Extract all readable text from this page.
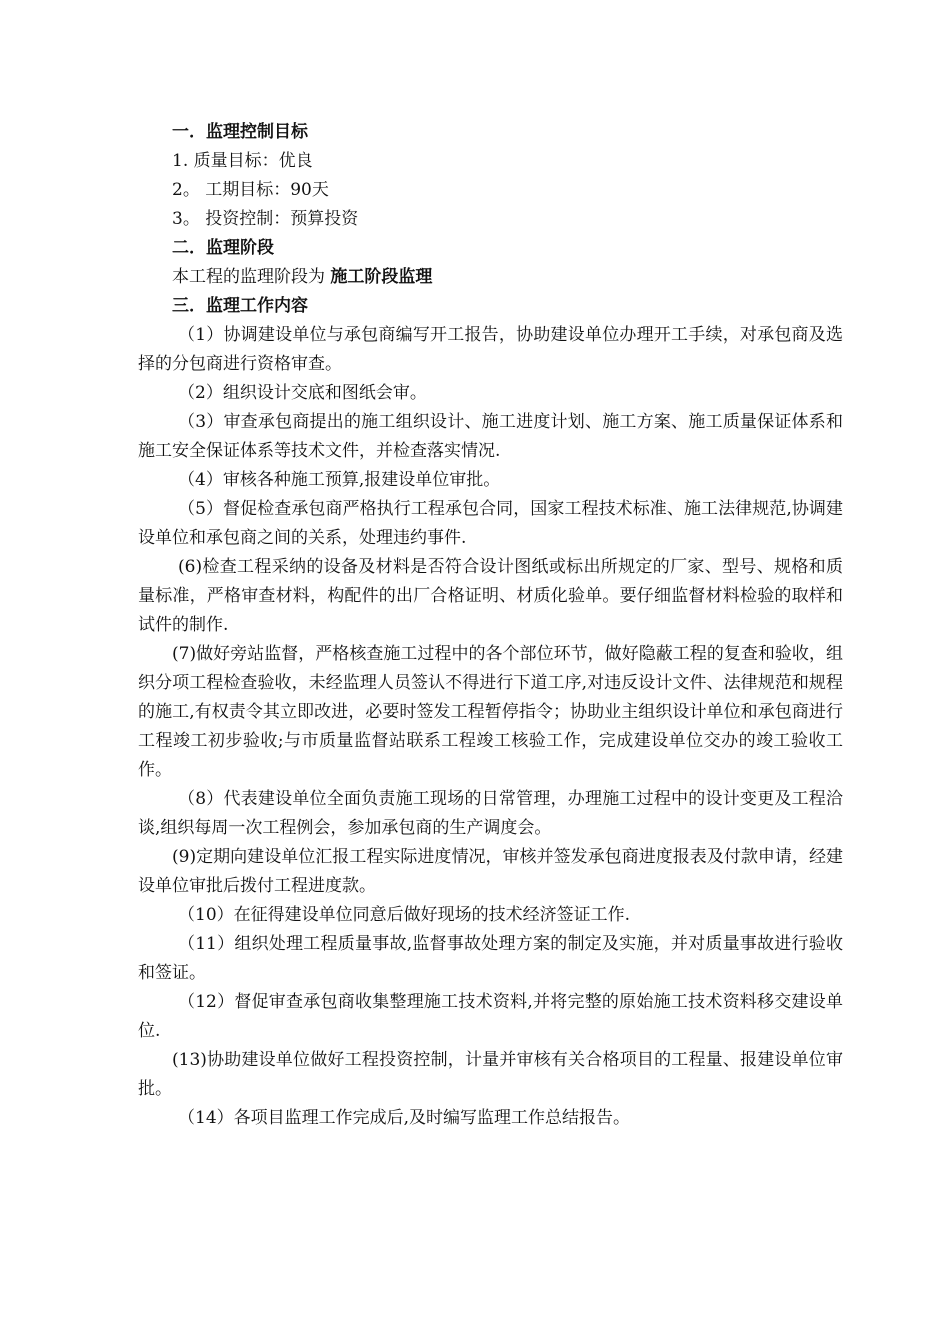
一．监理控制目标
1. 质量目标：优良
2。 工期目标：90天
3。 投资控制：预算投资
二．监理阶段
本工程的监理阶段为 施工阶段监理
三．监理工作内容

（1）协调建设单位与承包商编写开工报告，协助建设单位办理开工手续，对承包商及选择的分包商进行资格审查。

（2）组织设计交底和图纸会审。

（3）审查承包商提出的施工组织设计、施工进度计划、施工方案、施工质量保证体系和施工安全保证体系等技术文件，并检查落实情况.

（4）审核各种施工预算,报建设单位审批。

（5）督促检查承包商严格执行工程承包合同，国家工程技术标准、施工法律规范,协调建设单位和承包商之间的关系，处理违约事件.

(6)检查工程采纳的设备及材料是否符合设计图纸或标出所规定的厂家、型号、规格和质量标准，严格审查材料，构配件的出厂合格证明、材质化验单。要仔细监督材料检验的取样和试件的制作.

(7)做好旁站监督，严格核查施工过程中的各个部位环节，做好隐蔽工程的复查和验收，组织分项工程检查验收，未经监理人员签认不得进行下道工序,对违反设计文件、法律规范和规程的施工,有权责令其立即改进，必要时签发工程暂停指令；协助业主组织设计单位和承包商进行工程竣工初步验收;与市质量监督站联系工程竣工核验工作，完成建设单位交办的竣工验收工作。

（8）代表建设单位全面负责施工现场的日常管理，办理施工过程中的设计变更及工程洽谈,组织每周一次工程例会，参加承包商的生产调度会。

(9)定期向建设单位汇报工程实际进度情况，审核并签发承包商进度报表及付款申请，经建设单位审批后拨付工程进度款。

（10）在征得建设单位同意后做好现场的技术经济签证工作.

（11）组织处理工程质量事故,监督事故处理方案的制定及实施，并对质量事故进行验收和签证。

（12）督促审查承包商收集整理施工技术资料,并将完整的原始施工技术资料移交建设单位.

(13)协助建设单位做好工程投资控制，计量并审核有关合格项目的工程量、报建设单位审批。

（14）各项目监理工作完成后,及时编写监理工作总结报告。
